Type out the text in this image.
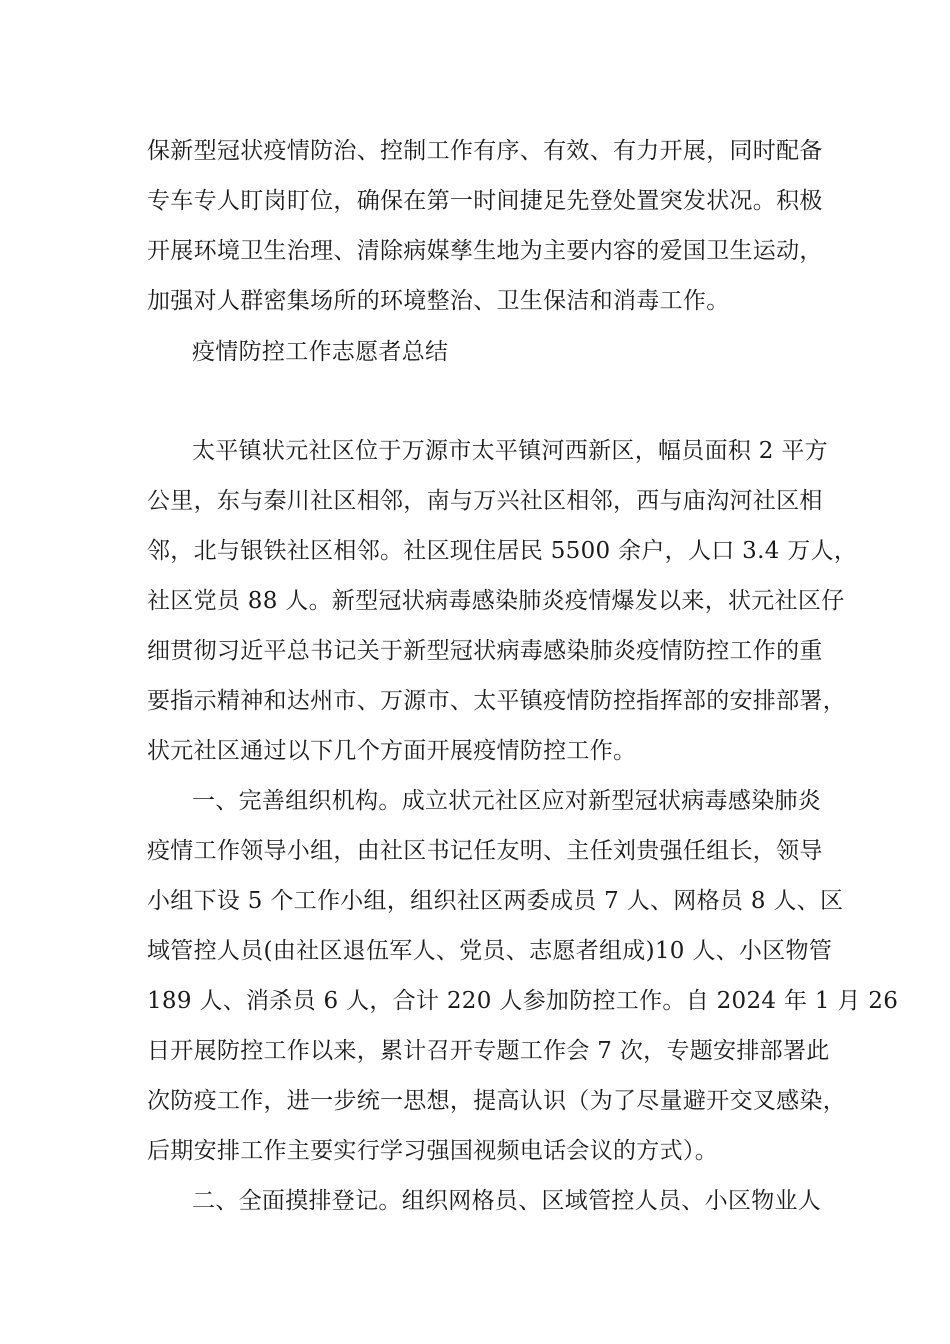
保新型冠状疫情防治、控制工作有序、有效、有力开展，同时配备
专车专人盯岗盯位，确保在第一时间捷足先登处置突发状况。积极
开展环境卫生治理、清除病媒孳生地为主要内容的爱国卫生运动，
加强对人群密集场所的环境整治、卫生保洁和消毒工作。
疫情防控工作志愿者总结
太平镇状元社区位于万源市太平镇河西新区，幅员面积 2 平方
公里，东与秦川社区相邻，南与万兴社区相邻，西与庙沟河社区相
邻，北与银铁社区相邻。社区现住居民 5500 余户，人口 3.4 万人，
社区党员 88 人。新型冠状病毒感染肺炎疫情爆发以来，状元社区仔
细贯彻习近平总书记关于新型冠状病毒感染肺炎疫情防控工作的重
要指示精神和达州市、万源市、太平镇疫情防控指挥部的安排部署，
状元社区通过以下几个方面开展疫情防控工作。
一、完善组织机构。成立状元社区应对新型冠状病毒感染肺炎
疫情工作领导小组，由社区书记任友明、主任刘贵强任组长，领导
小组下设 5 个工作小组，组织社区两委成员 7 人、网格员 8 人、区
域管控人员(由社区退伍军人、党员、志愿者组成)10 人、小区物管
189 人、消杀员 6 人，合计 220 人参加防控工作。自 2024 年 1 月 26
日开展防控工作以来，累计召开专题工作会 7 次，专题安排部署此
次防疫工作，进一步统一思想，提高认识（为了尽量避开交叉感染，
后期安排工作主要实行学习强国视频电话会议的方式）。
二、全面摸排登记。组织网格员、区域管控人员、小区物业人
